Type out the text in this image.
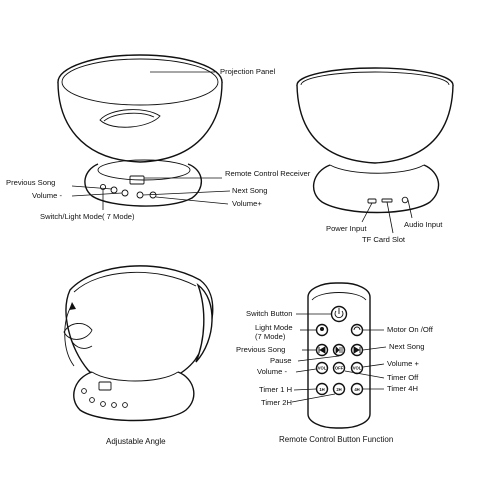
Projection Panel
Remote Control Receiver
Previous Song
Volume -
Next Song
Volume+
Switch/Light Mode( 7 Mode)
Power Input
TF Card Slot
Audio Input
Adjustable Angle
VOL OFF VOL
1H	2H	4H
Switch Button
Light Mode
(7 Mode)
Previous Song
Pause
Volume -
Timer 1 H
Timer 2H
Motor On /Off
Next Song
Volume +
Timer Off
Timer 4H
Remote Control Button Function
